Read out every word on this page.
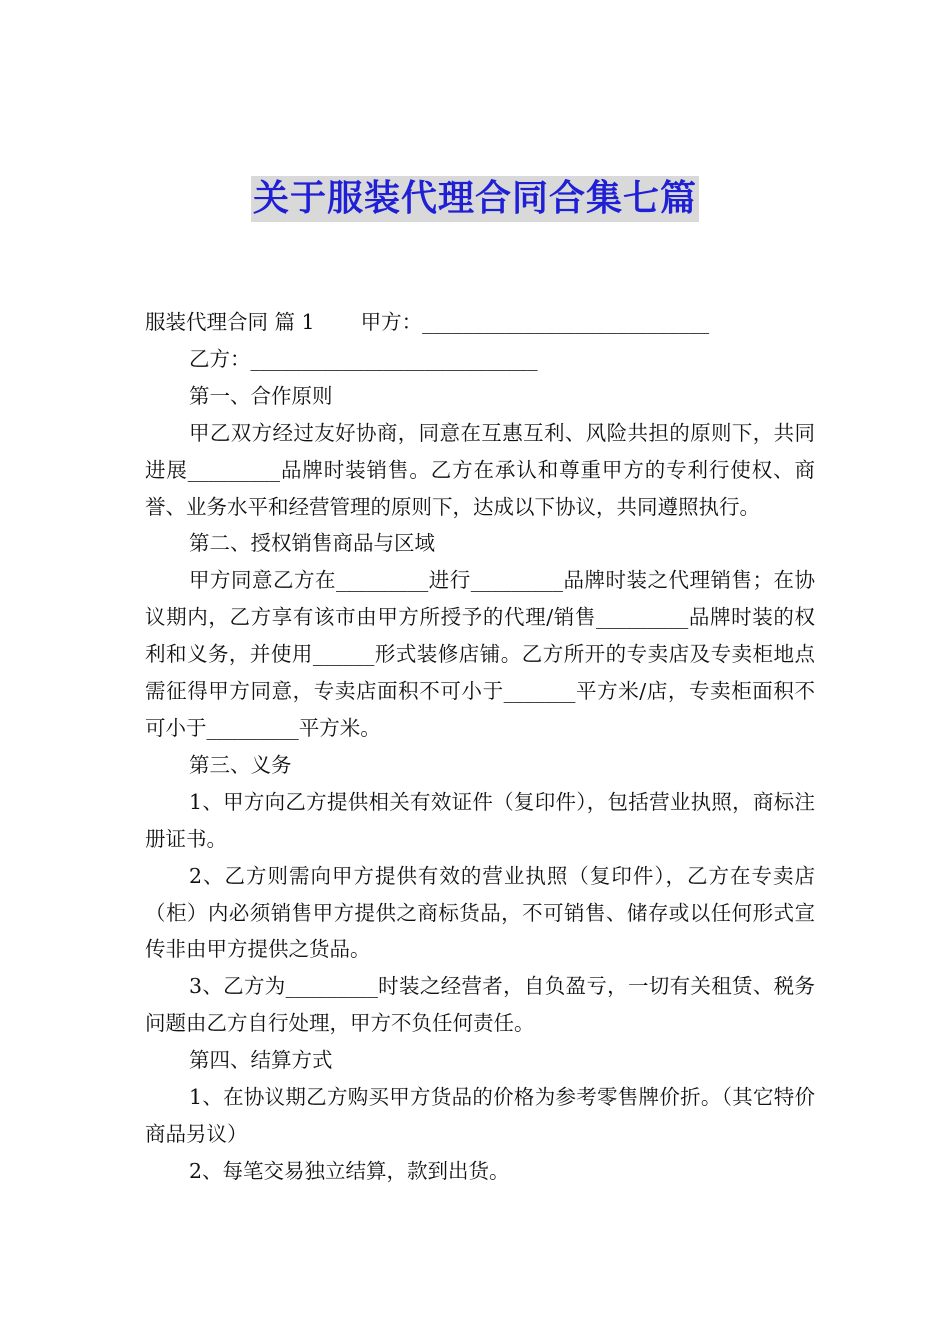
关于服装代理合同合集七篇

服装代理合同 篇 1 甲方：____________________________

乙方：____________________________

第一、合作原则

甲乙双方经过友好协商，同意在互惠互利、风险共担的原则下，共同进展_________品牌时装销售。乙方在承认和尊重甲方的专利行使权、商誉、业务水平和经营管理的原则下，达成以下协议，共同遵照执行。

第二、授权销售商品与区域

甲方同意乙方在_________进行_________品牌时装之代理销售；在协议期内，乙方享有该市由甲方所授予的代理/销售_________品牌时装的权利和义务，并使用______形式装修店铺。乙方所开的专卖店及专卖柜地点需征得甲方同意，专卖店面积不可小于_______平方米/店，专卖柜面积不可小于_________平方米。

第三、义务

1、甲方向乙方提供相关有效证件（复印件），包括营业执照，商标注册证书。

2、乙方则需向甲方提供有效的营业执照（复印件），乙方在专卖店（柜）内必须销售甲方提供之商标货品，不可销售、储存或以任何形式宣传非由甲方提供之货品。

3、乙方为_________时装之经营者，自负盈亏，一切有关租赁、税务问题由乙方自行处理，甲方不负任何责任。

第四、结算方式

1、在协议期乙方购买甲方货品的价格为参考零售牌价折。（其它特价商品另议）

2、每笔交易独立结算，款到出货。
